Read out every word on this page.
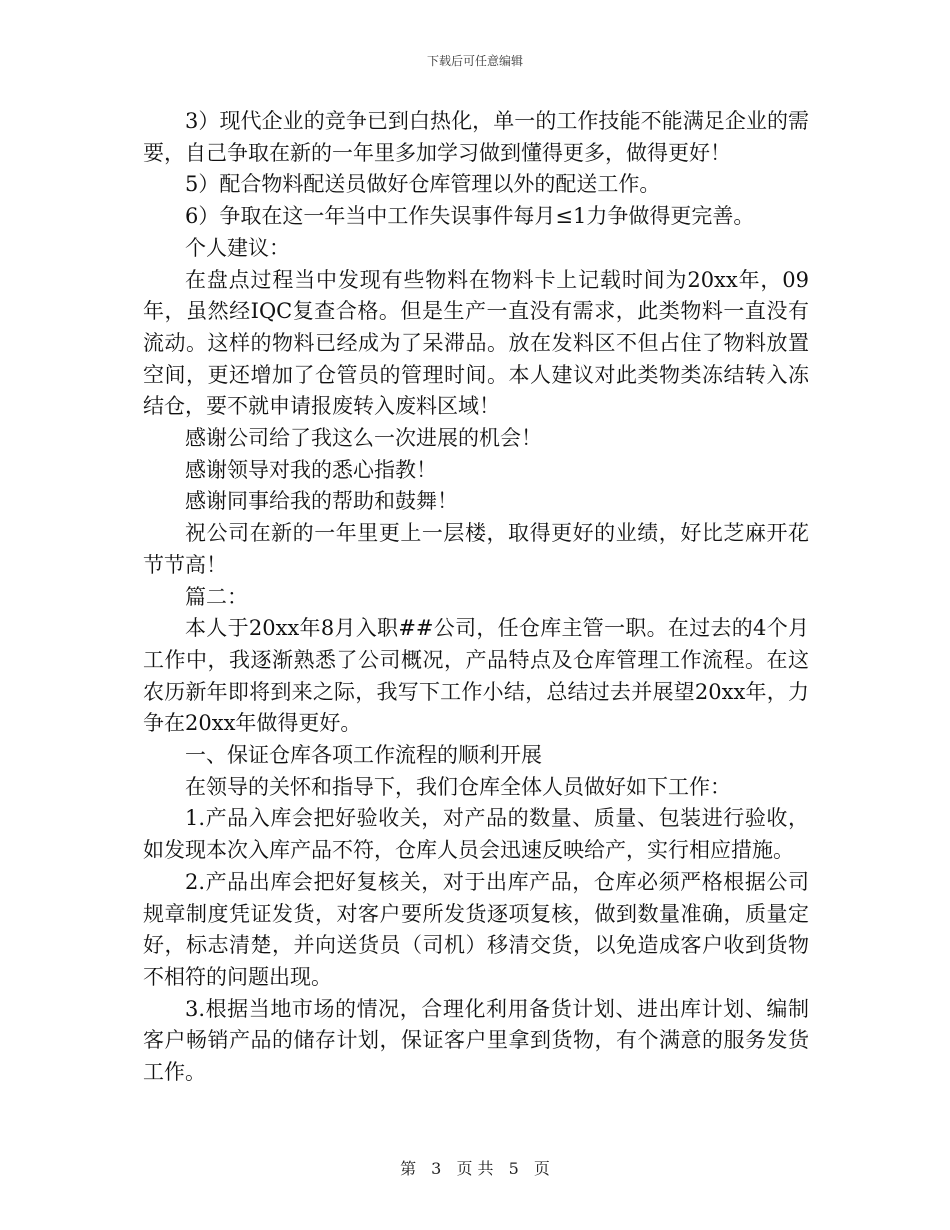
下载后可任意编辑

3）现代企业的竞争已到白热化，单一的工作技能不能满足企业的需要，自己争取在新的一年里多加学习做到懂得更多，做得更好！

5）配合物料配送员做好仓库管理以外的配送工作。

6）争取在这一年当中工作失误事件每月≤1力争做得更完善。

个人建议：

在盘点过程当中发现有些物料在物料卡上记载时间为20xx年，09年，虽然经IQC复查合格。但是生产一直没有需求，此类物料一直没有流动。这样的物料已经成为了呆滞品。放在发料区不但占住了物料放置空间，更还增加了仓管员的管理时间。本人建议对此类物类冻结转入冻结仓，要不就申请报废转入废料区域！

感谢公司给了我这么一次进展的机会！

感谢领导对我的悉心指教！

感谢同事给我的帮助和鼓舞！

祝公司在新的一年里更上一层楼，取得更好的业绩，好比芝麻开花节节高！

篇二：

本人于20xx年8月入职##公司，任仓库主管一职。在过去的4个月工作中，我逐渐熟悉了公司概况，产品特点及仓库管理工作流程。在这农历新年即将到来之际，我写下工作小结，总结过去并展望20xx年，力争在20xx年做得更好。

一、保证仓库各项工作流程的顺利开展

在领导的关怀和指导下，我们仓库全体人员做好如下工作：

1.产品入库会把好验收关，对产品的数量、质量、包装进行验收，如发现本次入库产品不符，仓库人员会迅速反映给产，实行相应措施。

2.产品出库会把好复核关，对于出库产品，仓库必须严格根据公司规章制度凭证发货，对客户要所发货逐项复核，做到数量准确，质量定好，标志清楚，并向送货员（司机）移清交货，以免造成客户收到货物不相符的问题出现。

3.根据当地市场的情况，合理化利用备货计划、进出库计划、编制客户畅销产品的储存计划，保证客户里拿到货物，有个满意的服务发货工作。

第 3 页 共 5 页
